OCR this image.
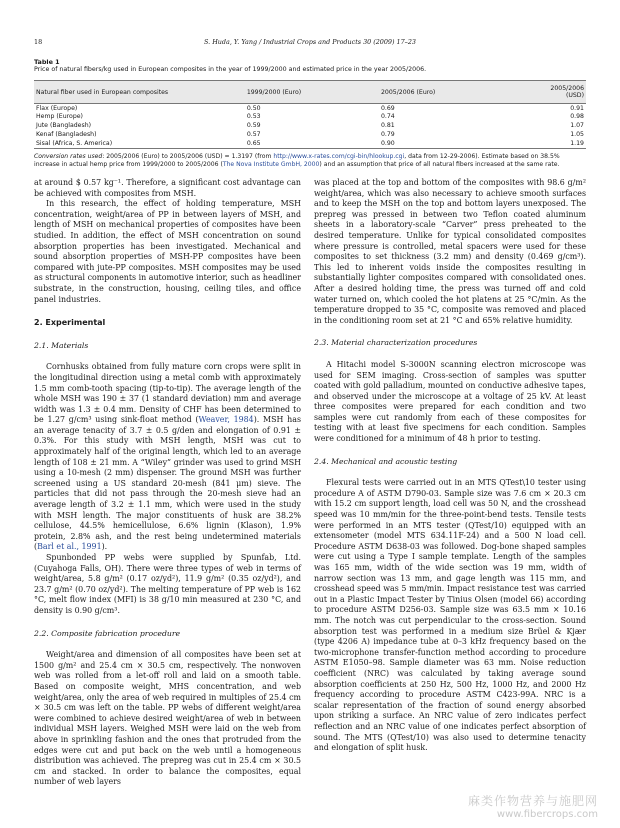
18	S. Huda, Y. Yang / Industrial Crops and Products 30 (2009) 17–23
Table 1
Price of natural fibers/kg used in European composites in the year of 1999/2000 and estimated price in the year 2005/2006.
Natural fiber used in European composites	1999/2000 (Euro)	2005/2006 (Euro)	2005/2006 (USD)
Flax (Europe)	0.50	0.69	0.91
Hemp (Europe)	0.53	0.74	0.98
Jute (Bangladesh)	0.59	0.81	1.07
Kenaf (Bangladesh)	0.57	0.79	1.05
Sisal (Africa, S. America)	0.65	0.90	1.19
Conversion rates used: 2005/2006 (Euro) to 2005/2006 (USD) = 1.3197 (from http://www.x-rates.com/cgi-bin/hlookup.cgi, data from 12-29-2006). Estimate based on 38.5% increase in actual hemp price from 1999/2000 to 2005/2006 (The Nova Institute GmbH, 2000) and an assumption that price of all natural fibers increased at the same rate.

at around $ 0.57 kg⁻¹. Therefore, a significant cost advantage can be achieved with composites from MSH.

In this research, the effect of holding temperature, MSH concentration, weight/area of PP in between layers of MSH, and length of MSH on mechanical properties of composites have been studied. In addition, the effect of MSH concentration on sound absorption properties has been investigated. Mechanical and sound absorption properties of MSH-PP composites have been compared with jute-PP composites. MSH composites may be used as structural components in automotive interior, such as headliner substrate, in the construction, housing, ceiling tiles, and office panel industries.

2. Experimental
2.1. Materials

Cornhusks obtained from fully mature corn crops were split in the longitudinal direction using a metal comb with approximately 1.5 mm comb-tooth spacing (tip-to-tip). The average length of the whole MSH was 190 ± 37 (1 standard deviation) mm and average width was 1.3 ± 0.4 mm. Density of CHF has been determined to be 1.27 g/cm³ using sink-float method (Weaver, 1984). MSH has an average tenacity of 3.7 ± 0.5 g/den and elongation of 0.91 ± 0.3%. For this study with MSH length, MSH was cut to approximately half of the original length, which led to an average length of 108 ± 21 mm. A “Wiley” grinder was used to grind MSH using a 10-mesh (2 mm) dispenser. The ground MSH was further screened using a US standard 20-mesh (841 μm) sieve. The particles that did not pass through the 20-mesh sieve had an average length of 3.2 ± 1.1 mm, which were used in the study with MSH length. The major constituents of husk are 38.2% cellulose, 44.5% hemicellulose, 6.6% lignin (Klason), 1.9% protein, 2.8% ash, and the rest being undetermined materials (Barl et al., 1991).

Spunbonded PP webs were supplied by Spunfab, Ltd. (Cuyahoga Falls, OH). There were three types of web in terms of weight/area, 5.8 g/m² (0.17 oz/yd²), 11.9 g/m² (0.35 oz/yd²), and 23.7 g/m² (0.70 oz/yd²). The melting temperature of PP web is 162 °C, melt flow index (MFI) is 38 g/10 min measured at 230 °C, and density is 0.90 g/cm³.

2.2. Composite fabrication procedure

Weight/area and dimension of all composites have been set at 1500 g/m² and 25.4 cm × 30.5 cm, respectively. The nonwoven web was rolled from a let-off roll and laid on a smooth table. Based on composite weight, MHS concentration, and web weight/area, only the area of web required in multiples of 25.4 cm × 30.5 cm was left on the table. PP webs of different weight/area were combined to achieve desired weight/area of web in between individual MSH layers. Weighed MSH were laid on the web from above in sprinkling fashion and the ones that protruded from the edges were cut and put back on the web until a homogeneous distribution was achieved. The prepreg was cut in 25.4 cm × 30.5 cm and stacked. In order to balance the composites, equal number of web layers

was placed at the top and bottom of the composites with 98.6 g/m² weight/area, which was also necessary to achieve smooth surfaces and to keep the MSH on the top and bottom layers unexposed. The prepreg was pressed in between two Teflon coated aluminum sheets in a laboratory-scale “Carver” press preheated to the desired temperature. Unlike for typical consolidated composites where pressure is controlled, metal spacers were used for these composites to set thickness (3.2 mm) and density (0.469 g/cm³). This led to inherent voids inside the composites resulting in substantially lighter composites compared with consolidated ones. After a desired holding time, the press was turned off and cold water turned on, which cooled the hot platens at 25 °C/min. As the temperature dropped to 35 °C, composite was removed and placed in the conditioning room set at 21 °C and 65% relative humidity.

2.3. Material characterization procedures

A Hitachi model S-3000N scanning electron microscope was used for SEM imaging. Cross-section of samples was sputter coated with gold palladium, mounted on conductive adhesive tapes, and observed under the microscope at a voltage of 25 kV. At least three composites were prepared for each condition and two samples were cut randomly from each of these composites for testing with at least five specimens for each condition. Samples were conditioned for a minimum of 48 h prior to testing.

2.4. Mechanical and acoustic testing

Flexural tests were carried out in an MTS QTest\10 tester using procedure A of ASTM D790-03. Sample size was 7.6 cm × 20.3 cm with 15.2 cm support length, load cell was 50 N, and the crosshead speed was 10 mm/min for the three-point-bend tests. Tensile tests were performed in an MTS tester (QTest/10) equipped with an extensometer (model MTS 634.11F-24) and a 500 N load cell. Procedure ASTM D638-03 was followed. Dog-bone shaped samples were cut using a Type I sample template. Length of the samples was 165 mm, width of the wide section was 19 mm, width of narrow section was 13 mm, and gage length was 115 mm, and crosshead speed was 5 mm/min. Impact resistance test was carried out in a Plastic Impact Tester by Tinius Olsen (model 66) according to procedure ASTM D256-03. Sample size was 63.5 mm × 10.16 mm. The notch was cut perpendicular to the cross-section. Sound absorption test was performed in a medium size Brüel & Kjær (type 4206 A) impedance tube at 0–3 kHz frequency based on the two-microphone transfer-function method according to procedure ASTM E1050–98. Sample diameter was 63 mm. Noise reduction coefficient (NRC) was calculated by taking average sound absorption coefficients at 250 Hz, 500 Hz, 1000 Hz, and 2000 Hz frequency according to procedure ASTM C423-99A. NRC is a scalar representation of the fraction of sound energy absorbed upon striking a surface. An NRC value of zero indicates perfect reflection and an NRC value of one indicates perfect absorption of sound. The MTS (QTest/10) was also used to determine tenacity and elongation of split husk.

麻类作物营养与施肥网
www.fibercrops.com
